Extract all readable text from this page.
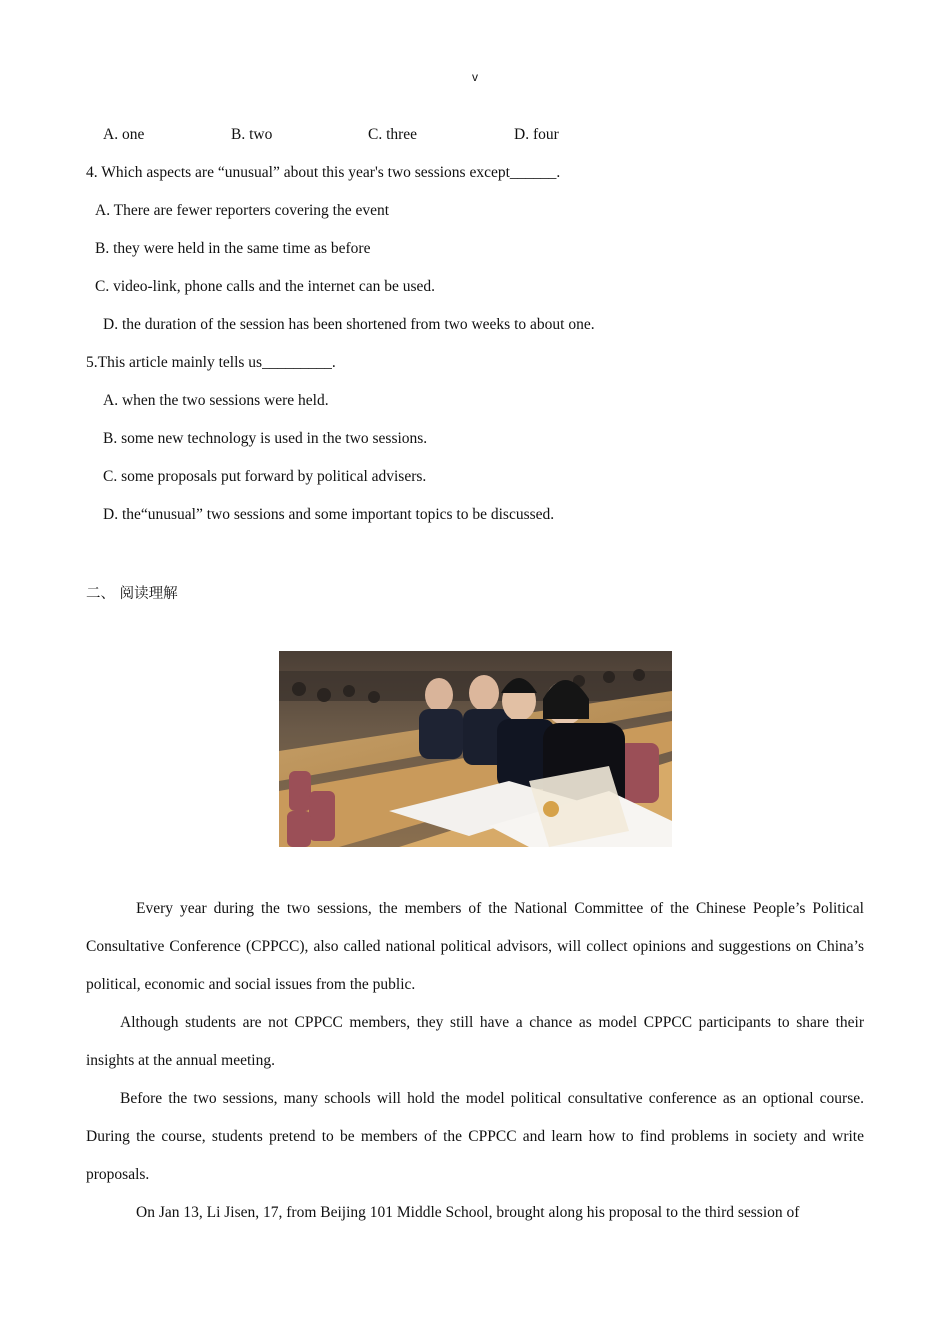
v
A. one	B. two	C. three	D. four
4. Which aspects are “unusual” about this year's two sessions except______.
A. There are fewer reporters covering the event
B. they were held in the same time as before
C. video-link, phone calls and the internet can be used.
D. the duration of the session has been shortened from two weeks to about one.
5.This article mainly tells us_________.
A. when the two sessions were held.
B. some new technology is used in the two sessions.
C. some proposals put forward by political advisers.
D. the“unusual” two sessions and some important topics to be discussed.
二、 阅读理解
Every year during the two sessions, the members of the National Committee of the Chinese People’s Political Consultative Conference (CPPCC), also called national political advisors, will collect opinions and suggestions on China’s political, economic and social issues from the public.
Although students are not CPPCC members, they still have a chance as model CPPCC participants to share their insights at the annual meeting.
Before the two sessions, many schools will hold the model political consultative conference as an optional course. During the course, students pretend to be members of the CPPCC and learn how to find problems in society and write proposals.
On Jan 13, Li Jisen, 17, from Beijing 101 Middle School, brought along his proposal to the third session of
